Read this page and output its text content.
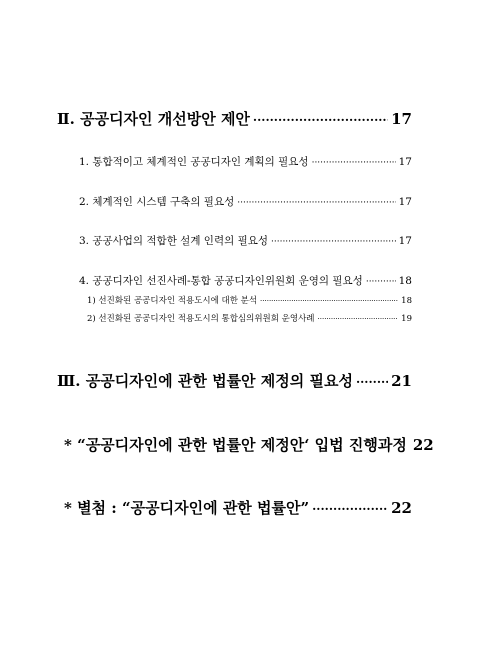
Ⅱ. 공공디자인 개선방안 제안 ·····	17
1. 통합적이고 체계적인 공공디자인 계획의 필요성 ·····	17
2. 체계적인 시스템 구축의 필요성 ·····	17
3. 공공사업의 적합한 설계 인력의 필요성 ·····	17
4. 공공디자인 선진사례-통합 공공디자인위원회 운영의 필요성 ·····	18
1) 선진화된 공공디자인 적용도시에 대한 분석 ·····	18
2) 선진화된 공공디자인 적용도시의 통합심의위원회 운영사례 ·····	19
Ⅲ. 공공디자인에 관한 법률안 제정의 필요성 ·····	21
* “공공디자인에 관한 법률안 제정안‘ 입법 진행과정 22
* 별첨 : “공공디자인에 관한 법률안” ·····	22
